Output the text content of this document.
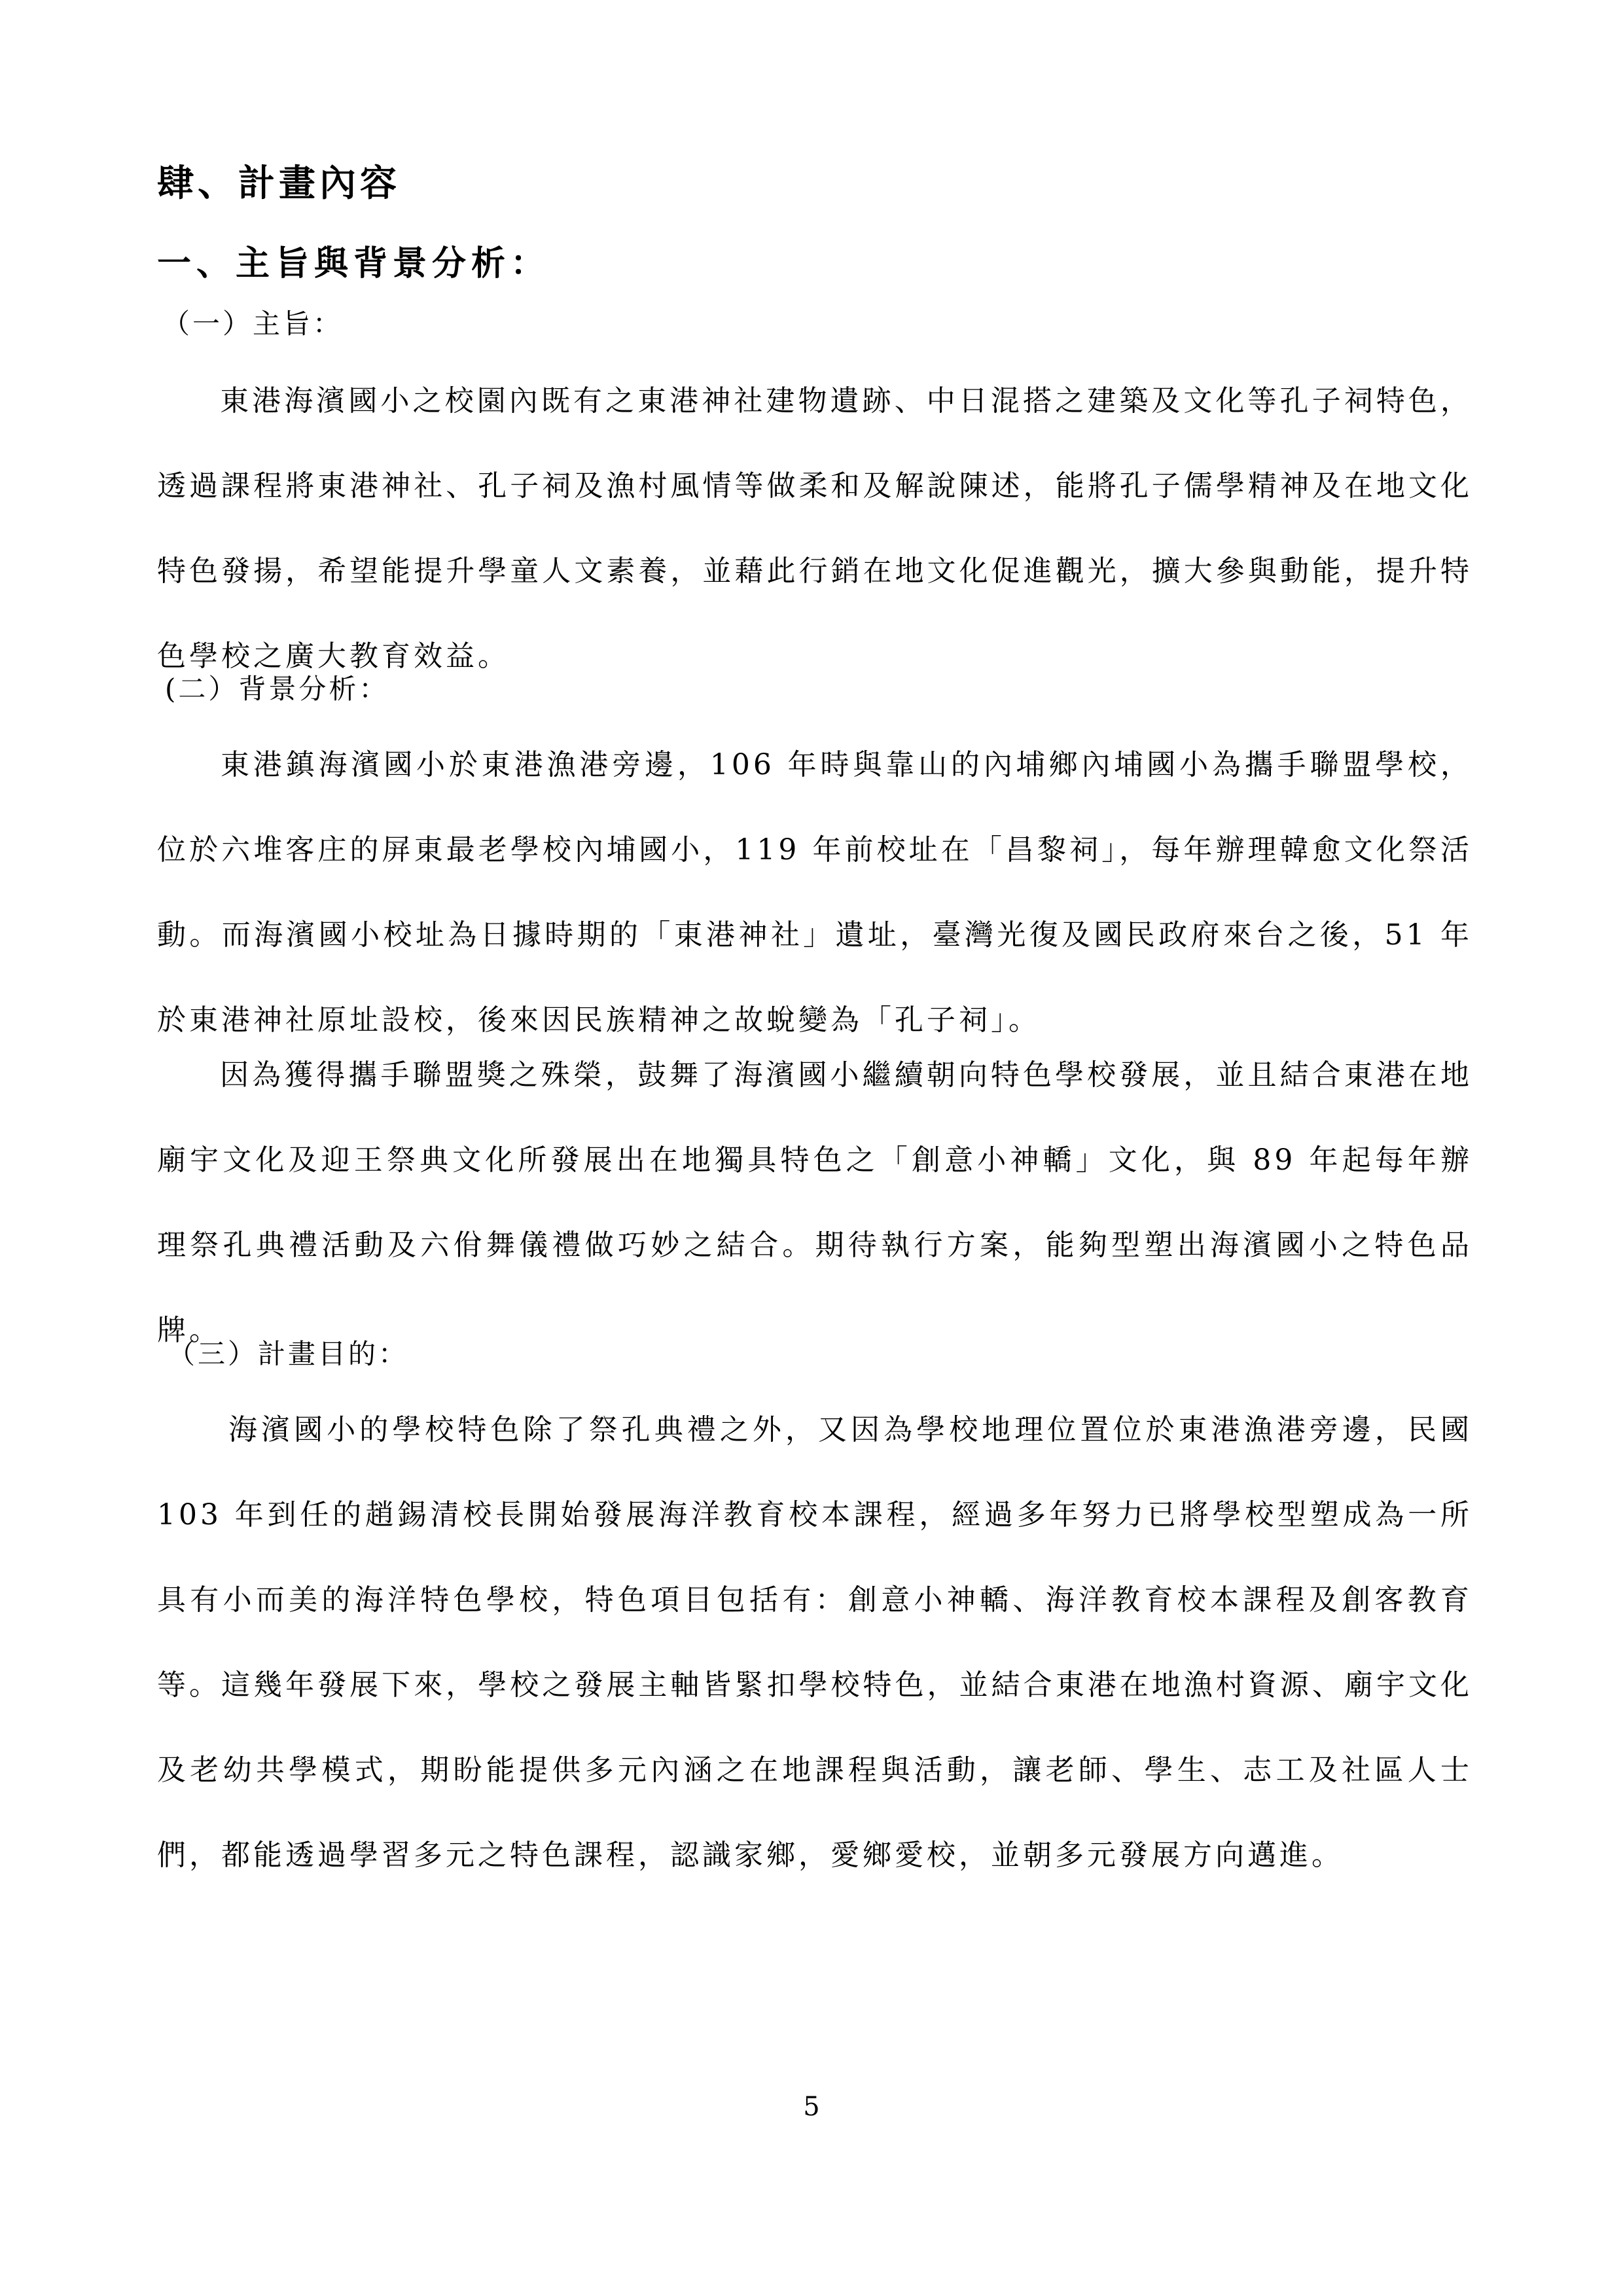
肆、計畫內容
一、主旨與背景分析：
（一）主旨：
東港海濱國小之校園內既有之東港神社建物遺跡、中日混搭之建築及文化等孔子祠特色，透過課程將東港神社、孔子祠及漁村風情等做柔和及解說陳述，能將孔子儒學精神及在地文化特色發揚，希望能提升學童人文素養，並藉此行銷在地文化促進觀光，擴大參與動能，提升特色學校之廣大教育效益。
(二）背景分析：
東港鎮海濱國小於東港漁港旁邊，106 年時與靠山的內埔鄉內埔國小為攜手聯盟學校，位於六堆客庄的屏東最老學校內埔國小，119 年前校址在「昌黎祠」，每年辦理韓愈文化祭活動。而海濱國小校址為日據時期的「東港神社」遺址，臺灣光復及國民政府來台之後，51 年於東港神社原址設校，後來因民族精神之故蛻變為「孔子祠」。
因為獲得攜手聯盟獎之殊榮，鼓舞了海濱國小繼續朝向特色學校發展，並且結合東港在地廟宇文化及迎王祭典文化所發展出在地獨具特色之「創意小神轎」文化，與 89 年起每年辦理祭孔典禮活動及六佾舞儀禮做巧妙之結合。期待執行方案，能夠型塑出海濱國小之特色品牌。
（三）計畫目的：
海濱國小的學校特色除了祭孔典禮之外，又因為學校地理位置位於東港漁港旁邊，民國 103 年到任的趙錫清校長開始發展海洋教育校本課程，經過多年努力已將學校型塑成為一所具有小而美的海洋特色學校，特色項目包括有：創意小神轎、海洋教育校本課程及創客教育等。這幾年發展下來，學校之發展主軸皆緊扣學校特色，並結合東港在地漁村資源、廟宇文化及老幼共學模式，期盼能提供多元內涵之在地課程與活動，讓老師、學生、志工及社區人士們，都能透過學習多元之特色課程，認識家鄉，愛鄉愛校，並朝多元發展方向邁進。
5
